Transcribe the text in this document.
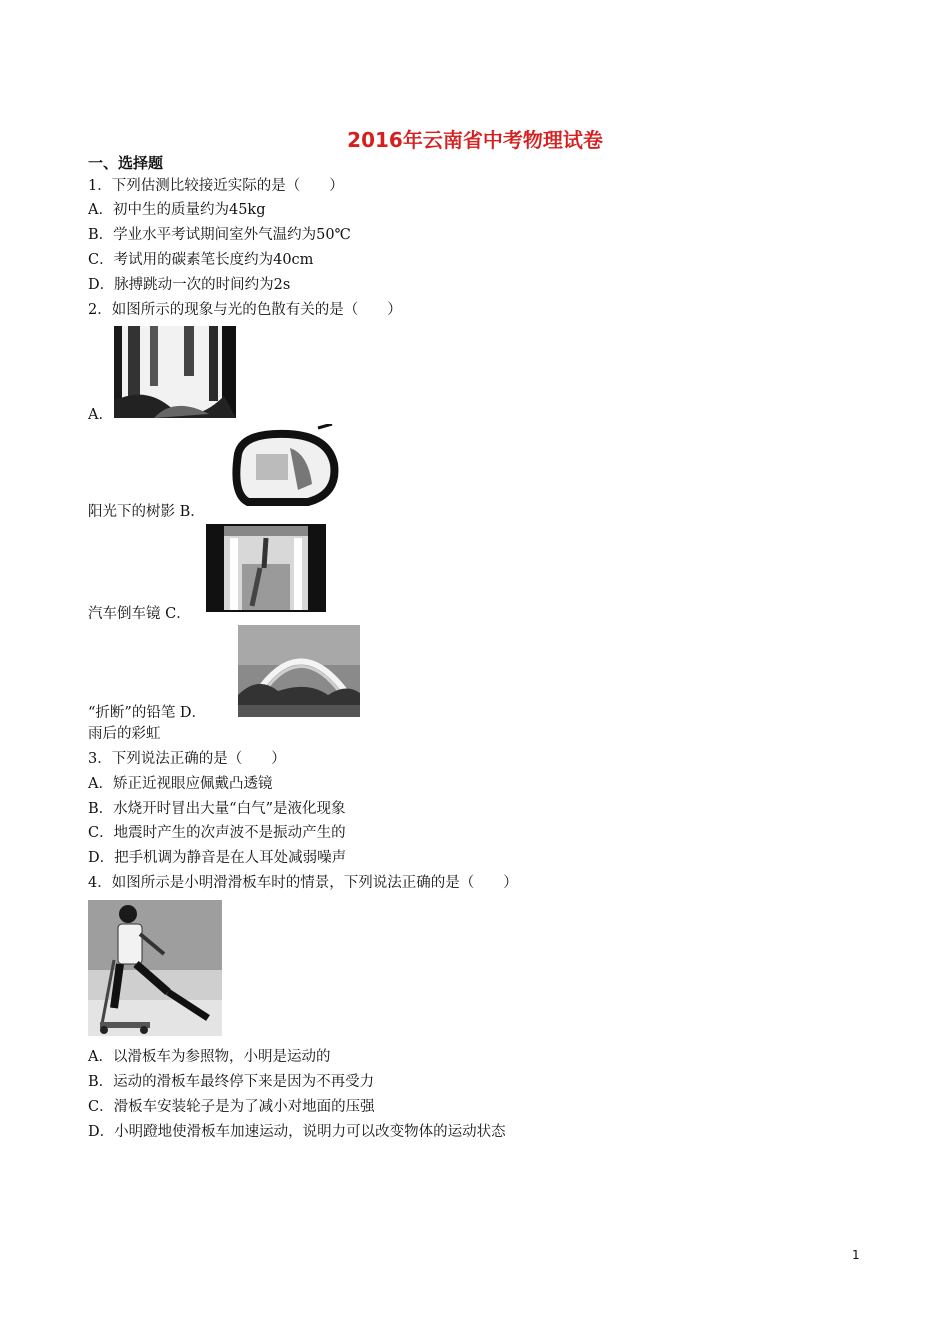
2016年云南省中考物理试卷
一、选择题
1．下列估测比较接近实际的是（　　）
A．初中生的质量约为45kg
B．学业水平考试期间室外气温约为50℃
C．考试用的碳素笔长度约为40cm
D．脉搏跳动一次的时间约为2s
2．如图所示的现象与光的色散有关的是（　　）
A．
阳光下的树影 B．
汽车倒车镜 C．
“折断”的铅笔 D．
雨后的彩虹
3．下列说法正确的是（　　）
A．矫正近视眼应佩戴凸透镜
B．水烧开时冒出大量“白气”是液化现象
C．地震时产生的次声波不是振动产生的
D．把手机调为静音是在人耳处减弱噪声
4．如图所示是小明滑滑板车时的情景，下列说法正确的是（　　）
A．以滑板车为参照物，小明是运动的
B．运动的滑板车最终停下来是因为不再受力
C．滑板车安装轮子是为了减小对地面的压强
D．小明蹬地使滑板车加速运动，说明力可以改变物体的运动状态
1
